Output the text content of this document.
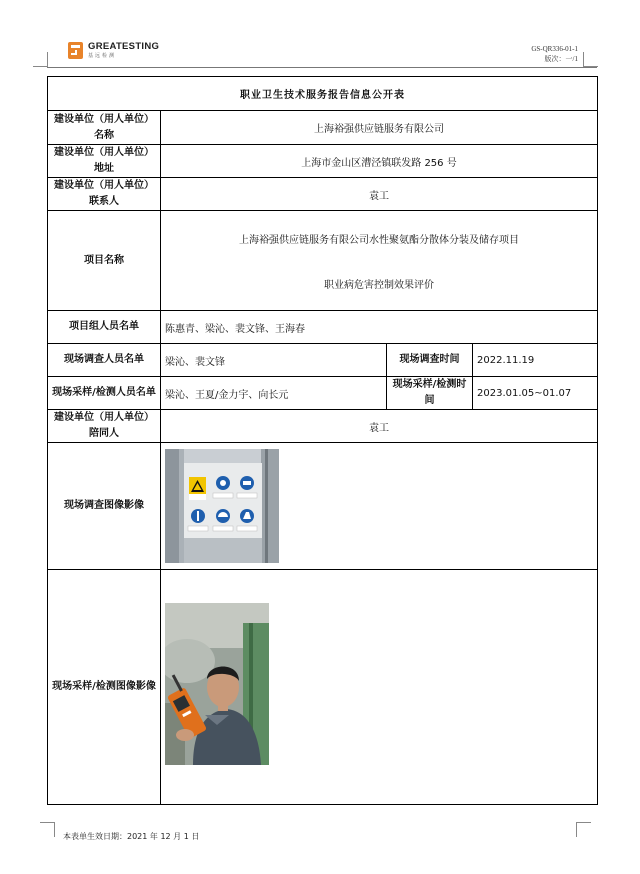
GREATESTING
基远检测
GS-QR336-01-1
版次：一/1
职业卫生技术服务报告信息公开表			
建设单位（用人单位）名称	上海裕强供应链服务有限公司		
建设单位（用人单位）地址	上海市金山区漕泾镇联发路 256 号		
建设单位（用人单位）联系人	袁工		
项目名称	上海裕强供应链服务有限公司水性聚氨酯分散体分装及储存项目
职业病危害控制效果评价		

项目组人员名单	陈惠青、梁沁、裴文锋、王海春		
现场调查人员名单	梁沁、裴文锋	现场调查时间	2022.11.19
现场采样/检测人员名单	梁沁、王夏/金力宇、向长元	现场采样/检测时间	2023.01.05~01.07
建设单位（用人单位）陪同人	袁工		
现场调查图像影像	

现场采样/检测图像影像	
本表单生效日期：2021 年 12 月 1 日
